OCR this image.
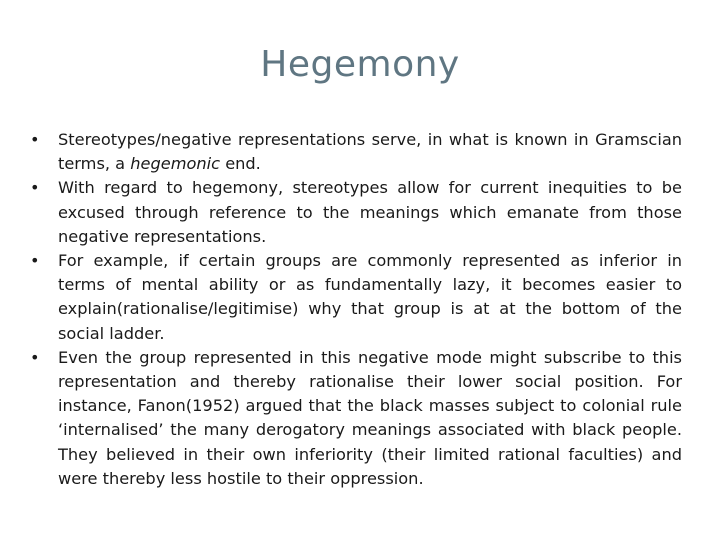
Hegemony

•	Stereotypes/negative representations serve, in what is known in Gramscian terms, a hegemonic end.

•	With regard to hegemony, stereotypes allow for current inequities to be excused through reference to the meanings which emanate from those negative representations.

•	For example, if certain groups are commonly represented as inferior in terms of mental ability or as fundamentally lazy, it becomes easier to explain(rationalise/legitimise) why that group is at at the bottom of the social ladder.

•	Even the group represented in this negative mode might subscribe to this representation and thereby rationalise their lower social position. For instance, Fanon(1952) argued that the black masses subject to colonial rule ‘internalised’ the many derogatory meanings associated with black people. They believed in their own inferiority (their limited rational faculties) and were thereby less hostile to their oppression.
